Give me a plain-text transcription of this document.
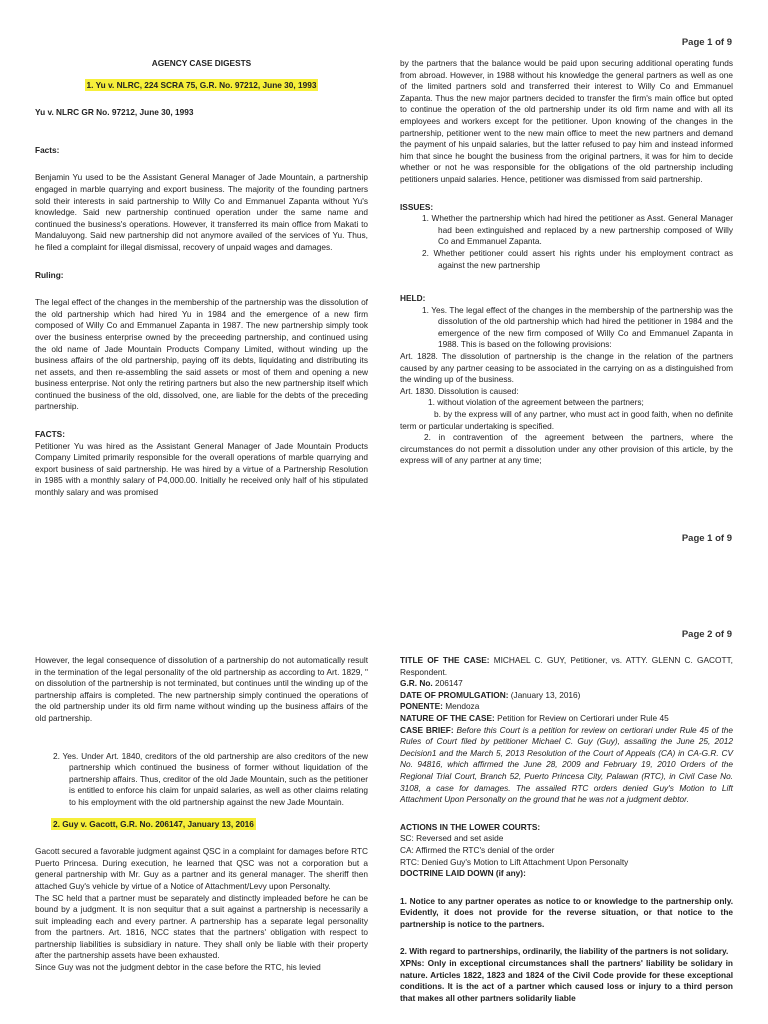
Page 1 of 9

AGENCY CASE DIGESTS

1. Yu v. NLRC, 224 SCRA 75, G.R. No. 97212, June 30, 1993

Yu v. NLRC GR No. 97212, June 30, 1993

Facts:

Benjamin Yu used to be the Assistant General Manager of Jade Mountain, a partnership engaged in marble quarrying and export business. The majority of the founding partners sold their interests in said partnership to Willy Co and Emmanuel Zapanta without Yu's knowledge. Said new partnership continued operation under the same name and continued the business's operations. However, it transferred its main office from Makati to Mandaluyong. Said new partnership did not anymore availed of the services of Yu. Thus, he filed a complaint for illegal dismissal, recovery of unpaid wages and damages.

Ruling:

The legal effect of the changes in the membership of the partnership was the dissolution of the old partnership which had hired Yu in 1984 and the emergence of a new firm composed of Willy Co and Emmanuel Zapanta in 1987. The new partnership simply took over the business enterprise owned by the preceeding partnership, and continued using the old name of Jade Mountain Products Company Limited, without winding up the business affairs of the old partnership, paying off its debts, liquidating and distributing its net assets, and then re-assembling the said assets or most of them and opening a new business enterprise. Not only the retiring partners but also the new partnership itself which continued the business of the old, dissolved, one, are liable for the debts of the preceding partnership.

FACTS:

Petitioner Yu was hired as the Assistant General Manager of Jade Mountain Products Company Limited primarily responsible for the overall operations of marble quarrying and export business of said partnership. He was hired by a virtue of a Partnership Resolution in 1985 with a monthly salary of P4,000.00. Initially he received only half of his stipulated monthly salary and was promised

by the partners that the balance would be paid upon securing additional operating funds from abroad. However, in 1988 without his knowledge the general partners as well as one of the limited partners sold and transferred their interest to Willy Co and Emmanuel Zapanta. Thus the new major partners decided to transfer the firm's main office but opted to continue the operation of the old partnership under its old firm name and with all its employees and workers except for the petitioner. Upon knowing of the changes in the partnership, petitioner went to the new main office to meet the new partners and demand the payment of his unpaid salaries, but the latter refused to pay him and instead informed him that since he bought the business from the original partners, it was for him to decide whether or not he was responsible for the obligations of the old partnership including petitioners unpaid salaries. Hence, petitioner was dismissed from said partnership.

ISSUES:

1. Whether the partnership which had hired the petitioner as Asst. General Manager had been extinguished and replaced by a new partnership composed of Willy Co and Emmanuel Zapanta.

2. Whether petitioner could assert his rights under his employment contract as against the new partnership

HELD:

1. Yes. The legal effect of the changes in the membership of the partnership was the dissolution of the old partnership which had hired the petitioner in 1984 and the emergence of the new firm composed of Willy Co and Emmanuel Zapanta in 1988. This is based on the following provisions:

Art. 1828. The dissolution of partnership is the change in the relation of the partners caused by any partner ceasing to be associated in the carrying on as a distinguished from the winding up of the business.

Art. 1830. Dissolution is caused:

1. without violation of the agreement between the partners;

b. by the express will of any partner, who must act in good faith, when no definite term or particular undertaking is specified.

2. in contravention of the agreement between the partners, where the circumstances do not permit a dissolution under any other provision of this article, by the express will of any partner at any time;

Page 1 of 9
Page 2 of 9

However, the legal consequence of dissolution of a partnership do not automatically result in the termination of the legal personality of the old partnership as according to Art. 1829, " on dissolution of the partnership is not terminated, but continues until the winding up of the partnership affairs is completed. The new partnership simply continued the operations of the old partnership under its old firm name without winding up the business affairs of the old partnership.

2. Yes. Under Art. 1840, creditors of the old partnership are also creditors of the new partnership which continued the business of former without liquidation of the partnership affairs. Thus, creditor of the old Jade Mountain, such as the petitioner is entitled to enforce his claim for unpaid salaries, as well as other claims relating to his employment with the old partnership against the new Jade Mountain.

2. Guy v. Gacott, G.R. No. 206147, January 13, 2016

Gacott secured a favorable judgment against QSC in a complaint for damages before RTC Puerto Princesa. During execution, he learned that QSC was not a corporation but a general partnership with Mr. Guy as a partner and its general manager. The sheriff then attached Guy's vehicle by virtue of a Notice of Attachment/Levy upon Personalty.

The SC held that a partner must be separately and distinctly impleaded before he can be bound by a judgment. It is non sequitur that a suit against a partnership is necessarily a suit impleading each and every partner. A partnership has a separate legal personality from the partners. Art. 1816, NCC states that the partners' obligation with respect to partnership liabilities is subsidiary in nature. They shall only be liable with their property after the partnership assets have been exhausted.

Since Guy was not the judgment debtor in the case before the RTC, his levied

TITLE OF THE CASE: MICHAEL C. GUY, Petitioner, vs. ATTY. GLENN C. GACOTT, Respondent.

G.R. No. 206147

DATE OF PROMULGATION: (January 13, 2016)

PONENTE: Mendoza

NATURE OF THE CASE: Petition for Review on Certiorari under Rule 45

CASE BRIEF: Before this Court is a petition for review on certiorari under Rule 45 of the Rules of Court filed by petitioner Michael C. Guy (Guy), assailing the June 25, 2012 Decision1 and the March 5, 2013 Resolution of the Court of Appeals (CA) in CA-G.R. CV No. 94816, which affirmed the June 28, 2009 and February 19, 2010 Orders of the Regional Trial Court, Branch 52, Puerto Princesa City, Palawan (RTC), in Civil Case No. 3108, a case for damages. The assailed RTC orders denied Guy's Motion to Lift Attachment Upon Personalty on the ground that he was not a judgment debtor.

ACTIONS IN THE LOWER COURTS:

SC: Reversed and set aside

CA: Affirmed the RTC's denial of the order

RTC: Denied Guy's Motion to Lift Attachment Upon Personalty

DOCTRINE LAID DOWN (if any):

1. Notice to any partner operates as notice to or knowledge to the partnership only. Evidently, it does not provide for the reverse situation, or that notice to the partnership is notice to the partners.

2. With regard to partnerships, ordinarily, the liability of the partners is not solidary.

XPNs: Only in exceptional circumstances shall the partners' liability be solidary in nature. Articles 1822, 1823 and 1824 of the Civil Code provide for these exceptional conditions. It is the act of a partner which caused loss or injury to a third person that makes all other partners solidarily liable
